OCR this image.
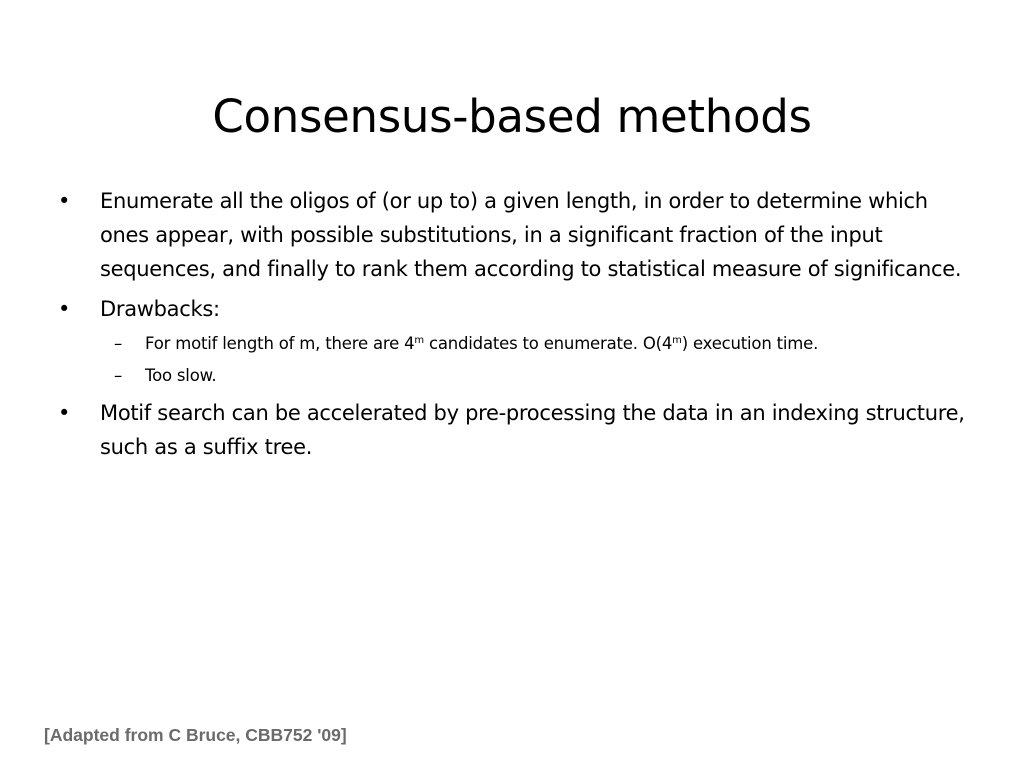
Consensus-based methods
•	Enumerate all the oligos of (or up to) a given length, in order to determine which ones appear, with possible substitutions, in a significant fraction of the input sequences, and finally to rank them according to statistical measure of significance.
•	Drawbacks:
– For motif length of m, there are 4$^m$ candidates to enumerate. O(4$^m$) execution time.
– Too slow.
•	Motif search can be accelerated by pre-processing the data in an indexing structure, such as a suffix tree.
[Adapted from C Bruce, CBB752 '09]
